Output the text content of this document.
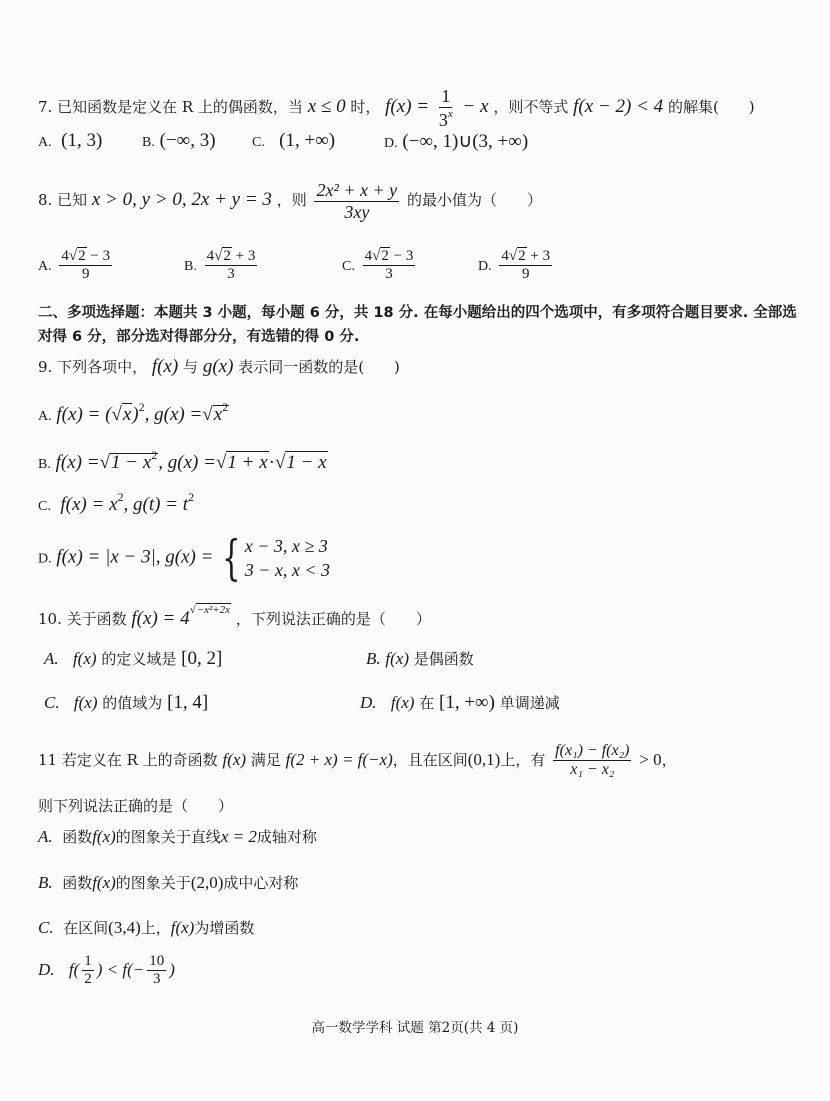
7. 已知函数是定义在 R 上的偶函数，当 x ≤ 0 时， $f(x) = \frac{1}{3^x} - x$ ，则不等式 f(x − 2) < 4 的解集(　　)
A. (1, 3)	B. (−∞, 3)	C. (1, +∞)	D. (−∞, 1)∪(3, +∞)
8. 已知 x > 0, y > 0, 2x + y = 3 ，则 $\frac{\text{2x² + x + y}}{3xy}$ 的最小值为（　　）
A. $\frac{4√2 - 3}{9}$	B. $\frac{4√2 + 3}{3}$	C. $\frac{4√2 - 3}{3}$	D. $\frac{4√2 + 3}{9}$
二、多项选择题：本题共 3 小题，每小题 6 分，共 18 分. 在每小题给出的四个选项中，有多项符合题目要求. 全部选对得 6 分，部分选对得部分分，有选错的得 0 分.
9. 下列各项中， f(x) 与 g(x) 表示同一函数的是(　　)
A. $f(x) = (√x)^2$, $g(x) =√x^2$
B. $f(x) =√1 - x^2$, g(x) =√1 + x·√1 − x
C. $f(x) = x^2$, $g(t) = t^2$
D. f(x) = |x − 3|, g(x) = { x − 3, x ≥ 3
3 − x, x < 3
10. 关于函数 $f(x) = 4^{√-x^2+2x}$ ，下列说法正确的是（　　）
A. f(x) 的定义域是 [0, 2]	B. f(x) 是偶函数
C. f(x) 的值域为 [1, 4]	D. f(x) 在 [1, +∞) 单调递减
11 若定义在 R 上的奇函数 f(x) 满足 f(2 + x) = f(−x)，且在区间(0,1)上，有 $\frac{\text{f(x₁) − f(x₂)}}{\text{x₁ − x₂}} > 0$，
则下列说法正确的是（　　）
A. 函数f(x)的图象关于直线x = 2成轴对称
B. 函数f(x)的图象关于(2,0)成中心对称
C. 在区间(3,4)上，f(x)为增函数
D. $f( \frac{1}{2}$ ) < $f(- \frac{10}{3}$ )
高一数学学科 试题 第2页(共 4 页)
